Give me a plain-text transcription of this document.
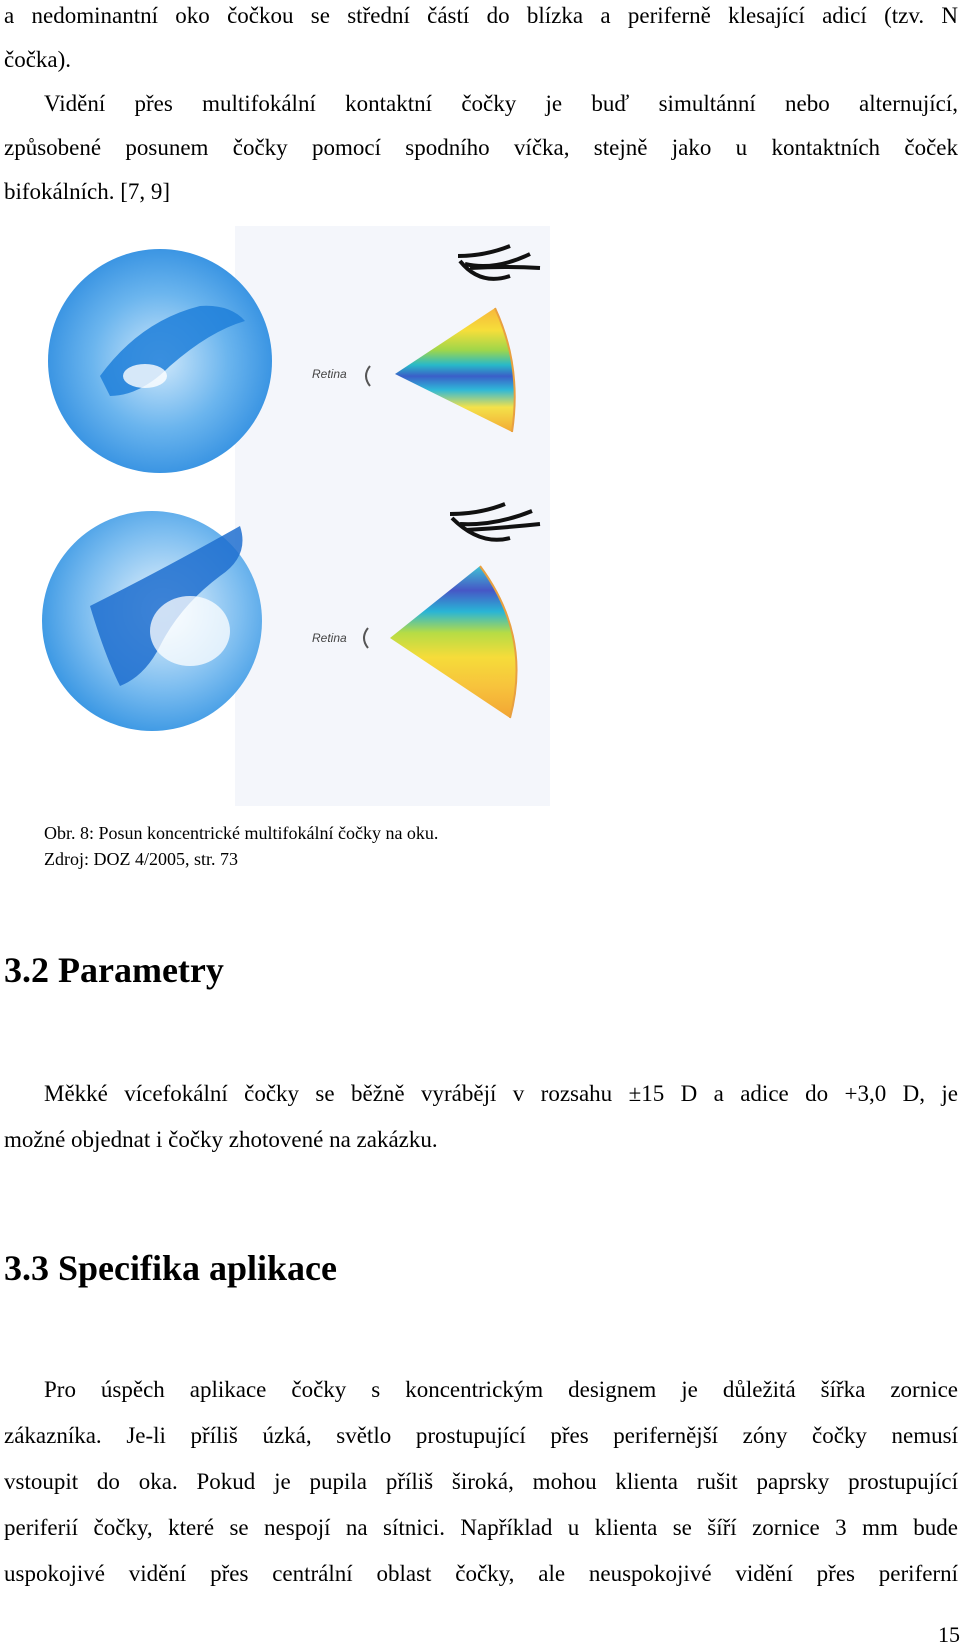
a nedominantní oko čočkou se střední částí do blízka a periferně klesající adicí (tzv. N
čočka).
Vidění přes multifokální kontaktní čočky je buď simultánní nebo alternující,
způsobené posunem čočky pomocí spodního víčka, stejně jako u kontaktních čoček
bifokálních. [7, 9]
Retina
Retina
Obr. 8: Posun koncentrické multifokální čočky na oku.
Zdroj: DOZ 4/2005, str. 73
3.2 Parametry
Měkké vícefokální čočky se běžně vyrábějí v rozsahu ±15 D a adice do +3,0 D, je
možné objednat i čočky zhotovené na zakázku.
3.3 Specifika aplikace
Pro úspěch aplikace čočky s koncentrickým designem je důležitá šířka zornice
zákazníka. Je-li příliš úzká, světlo prostupující přes perifernější zóny čočky nemusí
vstoupit do oka. Pokud je pupila příliš široká, mohou klienta rušit paprsky prostupující
periferií čočky, které se nespojí na sítnici. Například u klienta se šíří zornice 3 mm bude
uspokojivé vidění přes centrální oblast čočky, ale neuspokojivé vidění přes periferní
15
